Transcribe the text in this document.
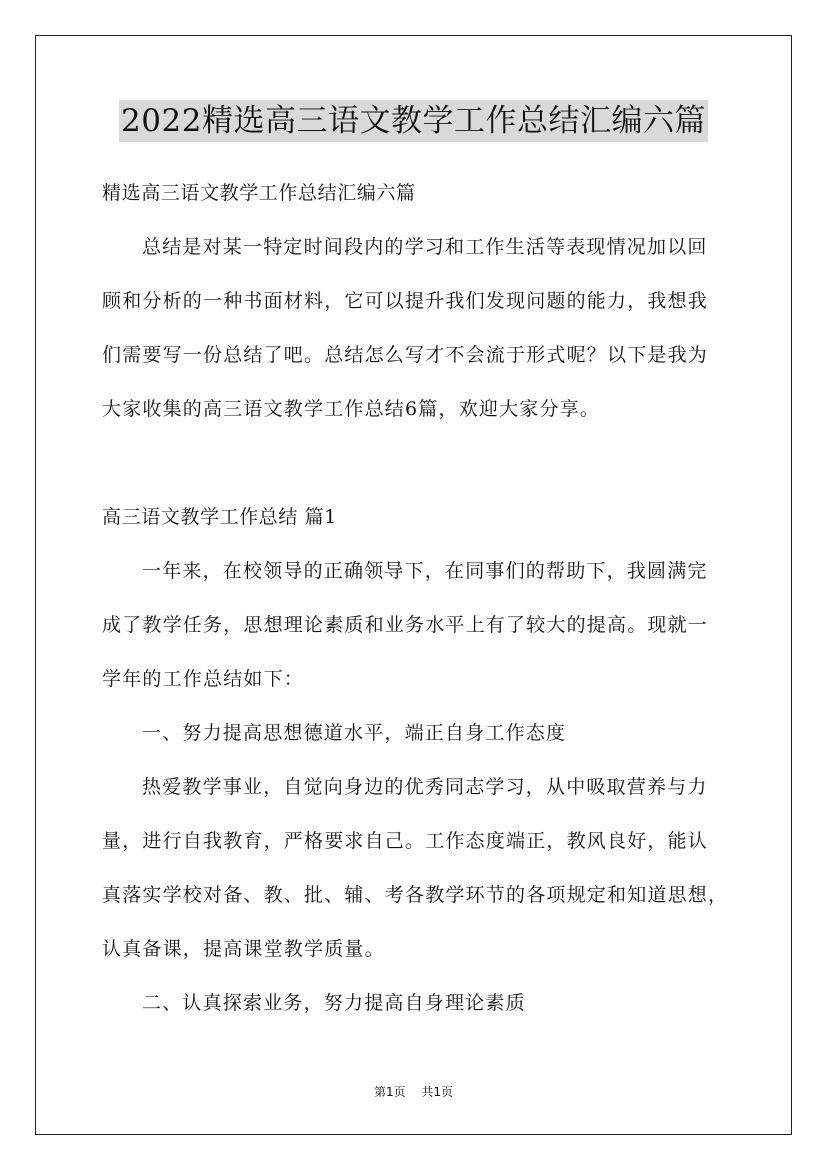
2022精选高三语文教学工作总结汇编六篇
精选高三语文教学工作总结汇编六篇
总结是对某一特定时间段内的学习和工作生活等表现情况加以回
顾和分析的一种书面材料，它可以提升我们发现问题的能力，我想我
们需要写一份总结了吧。总结怎么写才不会流于形式呢？以下是我为
大家收集的高三语文教学工作总结6篇，欢迎大家分享。
高三语文教学工作总结 篇1
一年来，在校领导的正确领导下，在同事们的帮助下，我圆满完
成了教学任务，思想理论素质和业务水平上有了较大的提高。现就一
学年的工作总结如下：
一、努力提高思想德道水平，端正自身工作态度
热爱教学事业，自觉向身边的优秀同志学习，从中吸取营养与力
量，进行自我教育，严格要求自己。工作态度端正，教风良好，能认
真落实学校对备、教、批、辅、考各教学环节的各项规定和知道思想，
认真备课，提高课堂教学质量。
二、认真探索业务，努力提高自身理论素质
第1页 共1页
